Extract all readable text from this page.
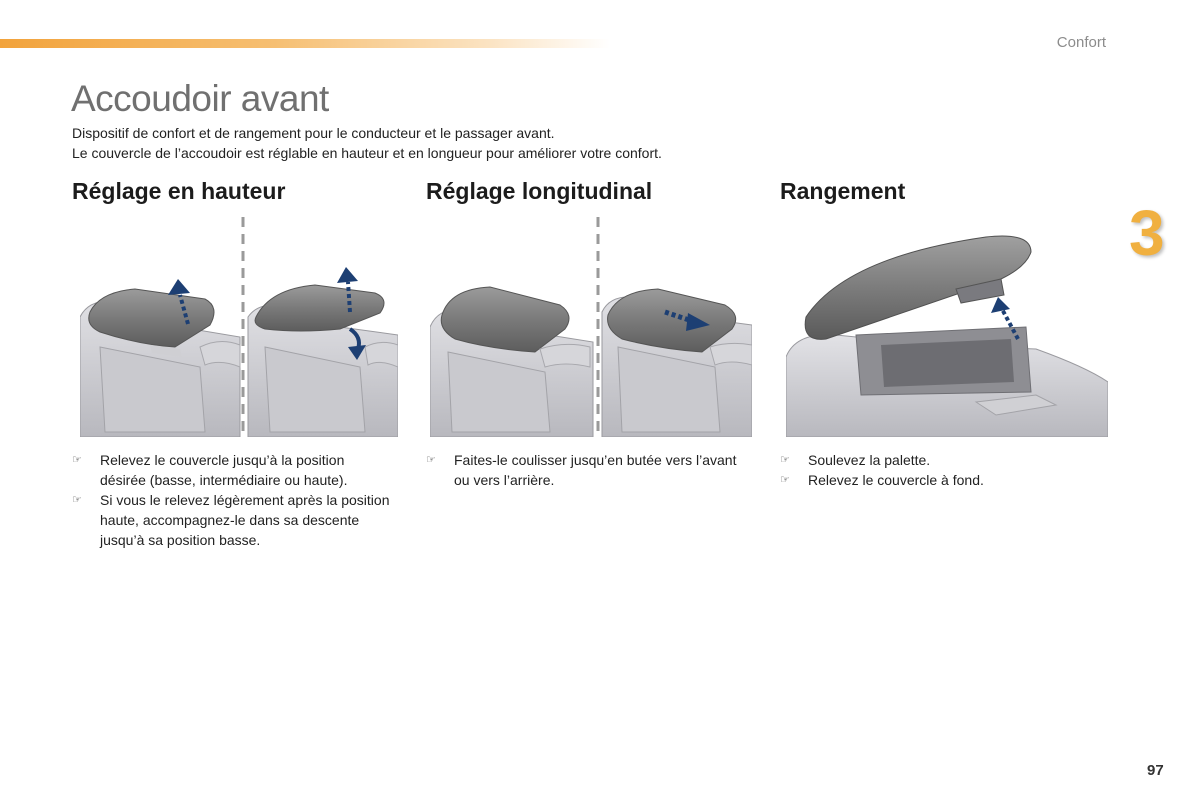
Confort
3
Accoudoir avant

Dispositif de confort et de rangement pour le conducteur et le passager avant.

Le couvercle de l’accoudoir est réglable en hauteur et en longueur pour améliorer votre confort.

Réglage en hauteur
☞ Relevez le couvercle jusqu’à la position désirée (basse, intermédiaire ou haute).
☞ Si vous le relevez légèrement après la position haute, accompagnez-le dans sa descente jusqu’à sa position basse.
Réglage longitudinal
☞ Faites-le coulisser jusqu’en butée vers l’avant ou vers l’arrière.
Rangement
☞ Soulevez la palette.
☞ Relevez le couvercle à fond.
97
